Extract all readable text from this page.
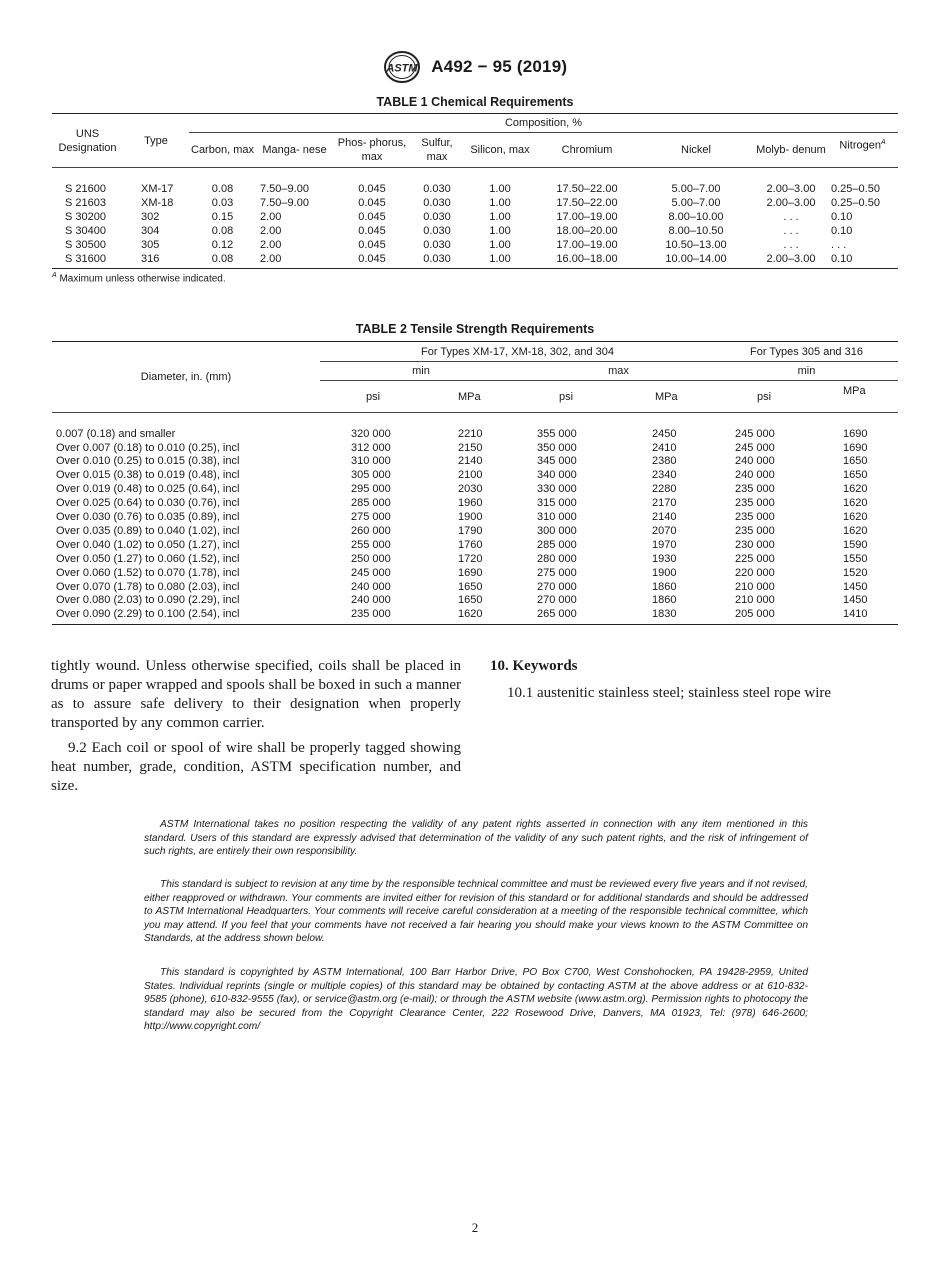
ASTM A492 − 95 (2019)
TABLE 1 Chemical Requirements
UNS Designation	Type	Composition, %								
		Carbon, max	Manga- nese	Phos- phorus, max	Sulfur, max	Silicon, max	Chromium	Nickel	Molyb- denum	Nitrogen$^A$
S 21600	XM-17	0.08	7.50–9.00	0.045	0.030	1.00	17.50–22.00	5.00–7.00	2.00–3.00	0.25–0.50
S 21603	XM-18	0.03	7.50–9.00	0.045	0.030	1.00	17.50–22.00	5.00–7.00	2.00–3.00	0.25–0.50
S 30200	302	0.15	2.00	0.045	0.030	1.00	17.00–19.00	8.00–10.00	. . .	0.10
S 30400	304	0.08	2.00	0.045	0.030	1.00	18.00–20.00	8.00–10.50	. . .	0.10
S 30500	305	0.12	2.00	0.045	0.030	1.00	17.00–19.00	10.50–13.00	. . .	. . .
S 31600	316	0.08	2.00	0.045	0.030	1.00	16.00–18.00	10.00–14.00	2.00–3.00	0.10
$^A$ Maximum unless otherwise indicated.
TABLE 2 Tensile Strength Requirements
Diameter, in. (mm)	For Types XM-17, XM-18, 302, and 304				For Types 305 and 316	
	min		max		min	
	psi	MPa	psi	MPa	psi	MPa
0.007 (0.18) and smaller	320 000	2210	355 000	2450	245 000	1690
Over 0.007 (0.18) to 0.010 (0.25), incl	312 000	2150	350 000	2410	245 000	1690
Over 0.010 (0.25) to 0.015 (0.38), incl	310 000	2140	345 000	2380	240 000	1650
Over 0.015 (0.38) to 0.019 (0.48), incl	305 000	2100	340 000	2340	240 000	1650
Over 0.019 (0.48) to 0.025 (0.64), incl	295 000	2030	330 000	2280	235 000	1620
Over 0.025 (0.64) to 0.030 (0.76), incl	285 000	1960	315 000	2170	235 000	1620
Over 0.030 (0.76) to 0.035 (0.89), incl	275 000	1900	310 000	2140	235 000	1620
Over 0.035 (0.89) to 0.040 (1.02), incl	260 000	1790	300 000	2070	235 000	1620
Over 0.040 (1.02) to 0.050 (1.27), incl	255 000	1760	285 000	1970	230 000	1590
Over 0.050 (1.27) to 0.060 (1.52), incl	250 000	1720	280 000	1930	225 000	1550
Over 0.060 (1.52) to 0.070 (1.78), incl	245 000	1690	275 000	1900	220 000	1520
Over 0.070 (1.78) to 0.080 (2.03), incl	240 000	1650	270 000	1860	210 000	1450
Over 0.080 (2.03) to 0.090 (2.29), incl	240 000	1650	270 000	1860	210 000	1450
Over 0.090 (2.29) to 0.100 (2.54), incl	235 000	1620	265 000	1830	205 000	1410

tightly wound. Unless otherwise specified, coils shall be placed in drums or paper wrapped and spools shall be boxed in such a manner as to assure safe delivery to their designation when properly transported by any common carrier.

9.2 Each coil or spool of wire shall be properly tagged showing heat number, grade, condition, ASTM specification number, and size.

10. Keywords

10.1 austenitic stainless steel; stainless steel rope wire

ASTM International takes no position respecting the validity of any patent rights asserted in connection with any item mentioned in this standard. Users of this standard are expressly advised that determination of the validity of any such patent rights, and the risk of infringement of such rights, are entirely their own responsibility.

This standard is subject to revision at any time by the responsible technical committee and must be reviewed every five years and if not revised, either reapproved or withdrawn. Your comments are invited either for revision of this standard or for additional standards and should be addressed to ASTM International Headquarters. Your comments will receive careful consideration at a meeting of the responsible technical committee, which you may attend. If you feel that your comments have not received a fair hearing you should make your views known to the ASTM Committee on Standards, at the address shown below.

This standard is copyrighted by ASTM International, 100 Barr Harbor Drive, PO Box C700, West Conshohocken, PA 19428-2959, United States. Individual reprints (single or multiple copies) of this standard may be obtained by contacting ASTM at the above address or at 610-832-9585 (phone), 610-832-9555 (fax), or service@astm.org (e-mail); or through the ASTM website (www.astm.org). Permission rights to photocopy the standard may also be secured from the Copyright Clearance Center, 222 Rosewood Drive, Danvers, MA 01923, Tel: (978) 646-2600; http://www.copyright.com/

2
